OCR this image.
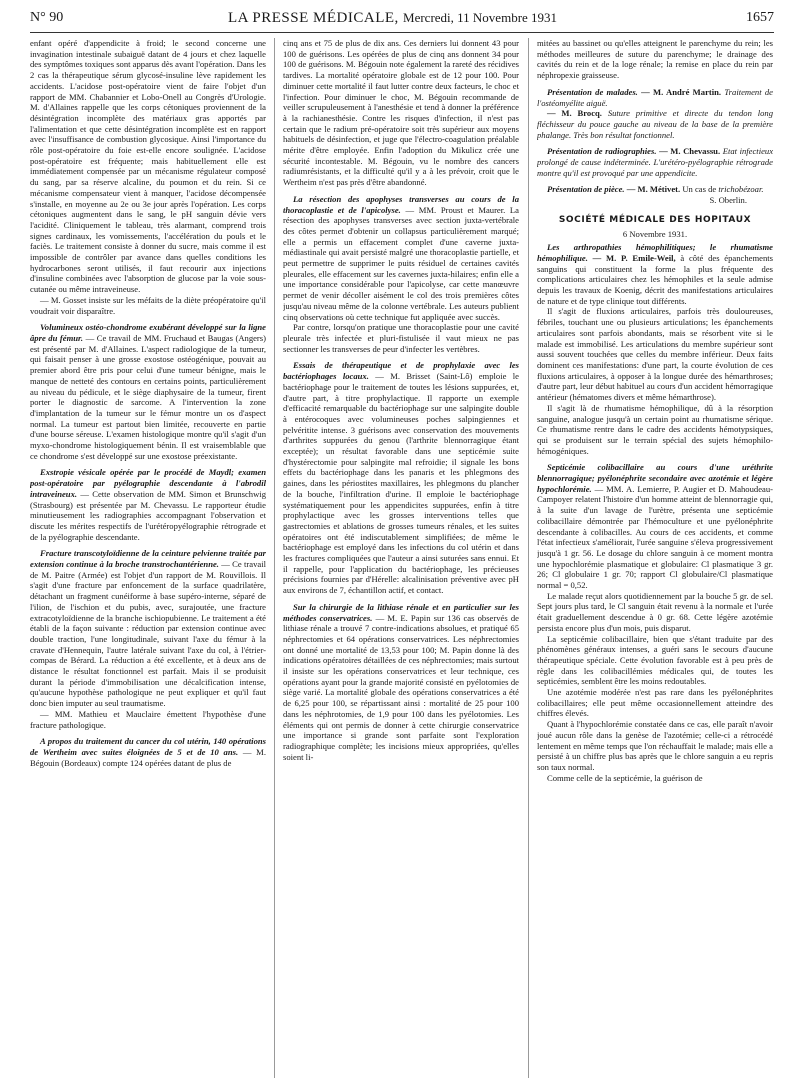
N° 90	LA PRESSE MÉDICALE, Mercredi, 11 Novembre 1931	1657

enfant opéré d'appendicite à froid; le second concerne une invagination intestinale subaiguë datant de 4 jours et chez laquelle des symptômes toxiques sont apparus dès avant l'opération. Dans les 2 cas la thérapeutique sérum glycosé-insuline lève rapidement les accidents. L'acidose post-opératoire vient de faire l'objet d'un rapport de MM. Chabannier et Lobo-Onell au Congrès d'Urologie. M. d'Allaines rappelle que les corps cétoniques proviennent de la désintégration incomplète des matériaux gras apportés par l'alimentation et que cette désintégration incomplète est en rapport avec l'insuffisance de combustion glycosique. Ainsi l'importance du rôle post-opératoire du foie est-elle encore soulignée. L'acidose post-opératoire est fréquente; mais habituellement elle est immédiatement compensée par un mécanisme régulateur composé du sang, par sa réserve alcaline, du poumon et du rein. Si ce mécanisme compensateur vient à manquer, l'acidose décompensée s'installe, en moyenne au 2e ou 3e jour après l'opération. Les corps cétoniques augmentent dans le sang, le pH sanguin dévie vers l'acidité. Cliniquement le tableau, très alarmant, comprend trois signes cardinaux, les vomissements, l'accélération du pouls et le faciès. Le traitement consiste à donner du sucre, mais comme il est impossible de contrôler par avance dans quelles conditions les hydrocarbones seront utilisés, il faut recourir aux injections d'insuline combinées avec l'absorption de glucose par la voie sous-cutanée ou même intraveineuse.

— M. Gosset insiste sur les méfaits de la diète préopératoire qu'il voudrait voir disparaître.

Volumineux ostéo-chondrome exubérant développé sur la ligne âpre du fémur. — Ce travail de MM. Fruchaud et Baugas (Angers) est présenté par M. d'Allaines. L'aspect radiologique de la tumeur, qui faisait penser à une grosse exostose ostéogénique, pouvait au premier abord être pris pour celui d'une tumeur bénigne, mais le manque de netteté des contours en certains points, particulièrement au niveau du pédicule, et le siège diaphysaire de la tumeur, firent porter le diagnostic de sarcome. A l'intervention la zone d'implantation de la tumeur sur le fémur montre un os d'aspect normal. La tumeur est partout bien limitée, recouverte en partie d'une bourse séreuse. L'examen histologique montre qu'il s'agit d'un myxo-chondrome histologiquement bénin. Il est vraisemblable que ce chondrome s'est développé sur une exostose préexistante.

Exstropie vésicale opérée par le procédé de Maydl; examen post-opératoire par pyélographie descendante à l'abrodil intraveineux. — Cette observation de MM. Simon et Brunschwig (Strasbourg) est présentée par M. Chevassu. Le rapporteur étudie minutieusement les radiographies accompagnant l'observation et discute les mérites respectifs de l'urétéropyélographie rétrograde et de la pyélographie descendante.

Fracture transcotyloïdienne de la ceinture pelvienne traitée par extension continue à la broche transtrochantérienne. — Ce travail de M. Paitre (Armée) est l'objet d'un rapport de M. Rouvillois. Il s'agit d'une fracture par enfoncement de la surface quadrilatère, détachant un fragment cunéiforme à base supéro-interne, séparé de l'ilion, de l'ischion et du pubis, avec, surajoutée, une fracture extracotyloïdienne de la branche ischiopubienne. Le traitement a été établi de la façon suivante : réduction par extension continue avec double traction, l'une longitudinale, suivant l'axe du fémur à la cravate d'Hennequin, l'autre latérale suivant l'axe du col, à l'étrier-compas de Bérard. La réduction a été excellente, et à deux ans de distance le résultat fonctionnel est parfait. Mais il se produisit durant la période d'immobilisation une décalcification intense, qu'aucune hypothèse pathologique ne peut expliquer et qu'il faut donc bien imputer au seul traumatisme.

— MM. Mathieu et Mauclaire émettent l'hypothèse d'une fracture pathologique.

A propos du traitement du cancer du col utérin, 140 opérations de Wertheim avec suites éloignées de 5 et de 10 ans. — M. Bégouin (Bordeaux) compte 124 opérées datant de plus de

cinq ans et 75 de plus de dix ans. Ces derniers lui donnent 43 pour 100 de guérisons. Les opérées de plus de cinq ans donnent 34 pour 100 de guérisons. M. Bégouin note également la rareté des récidives tardives. La mortalité opératoire globale est de 12 pour 100. Pour diminuer cette mortalité il faut lutter contre deux facteurs, le choc et l'infection. Pour diminuer le choc, M. Bégouin recommande de veiller scrupuleusement à l'anesthésie et tend à donner la préférence à la rachianesthésie. Contre les risques d'infection, il n'est pas certain que le radium pré-opératoire soit très supérieur aux moyens habituels de désinfection, et juge que l'électro-coagulation préalable mérite d'être employée. Enfin l'adoption du Mikulicz crée une sécurité incontestable. M. Bégouin, vu le nombre des cancers radiumrésistants, et la difficulté qu'il y a à les prévoir, croit que le Wertheim n'est pas près d'être abandonné.

La résection des apophyses transverses au cours de la thoracoplastie et de l'apicolyse. — MM. Proust et Maurer. La résection des apophyses transverses avec section juxta-vertébrale des côtes permet d'obtenir un collapsus particulièrement marqué; elle a permis un effacement complet d'une caverne juxta-médiastinale qui avait persisté malgré une thoracoplastie partielle, et peut permettre de supprimer le puits résiduel de certaines cavités pleurales, elle effacement sur les cavernes juxta-hilaires; enfin elle a une importance considérable pour l'apicolyse, car cette manœuvre permet de venir décoller aisément le col des trois premières côtes jusqu'au niveau même de la colonne vertébrale. Les auteurs publient cinq observations où cette technique fut appliquée avec succès.

Par contre, lorsqu'on pratique une thoracoplastie pour une cavité pleurale très infectée et pluri-fistulisée il vaut mieux ne pas sectionner les transverses de peur d'infecter les vertèbres.

Essais de thérapeutique et de prophylaxie avec les bactériophages locaux. — M. Brisset (Saint-Lô) emploie le bactériophage pour le traitement de toutes les lésions suppurées, et, d'autre part, à titre prophylactique. Il rapporte un exemple d'efficacité remarquable du bactériophage sur une salpingite double à entérocoques avec volumineuses poches salpingiennes et pelvéritite intense. 3 guérisons avec conservation des mouvements d'arthrites suppurées du genou (l'arthrite blennorragique étant exceptée); un résultat favorable dans une septicémie suite d'hystérectomie pour salpingite mal refroidie; il signale les bons effets du bactériophage dans les panaris et les phlegmons des gaines, dans les périostites maxillaires, les phlegmons du plancher de la bouche, l'infiltration d'urine. Il emploie le bactériophage systématiquement pour les appendicites suppurées, enfin à titre prophylactique avec les grosses interventions telles que gastrectomies et ablations de grosses tumeurs rénales, et les suites opératoires ont été indiscutablement simplifiées; de même le bactériophage est employé dans les infections du col utérin et dans les fractures compliquées que l'auteur a ainsi suturées sans ennui. Et il rappelle, pour l'application du bactériophage, les précieuses précisions fournies par d'Hérelle: alcalinisation préventive avec pH aux environs de 7, échantillon actif, et contact.

Sur la chirurgie de la lithiase rénale et en particulier sur les méthodes conservatrices. — M. E. Papin sur 136 cas observés de lithiase rénale a trouvé 7 contre-indications absolues, et pratiqué 65 néphrectomies et 64 opérations conservatrices. Les néphrectomies ont donné une mortalité de 13,53 pour 100; M. Papin donne là des indications opératoires détaillées de ces néphrectomies; mais surtout il insiste sur les opérations conservatrices et leur technique, ces opérations ayant pour la grande majorité consisté en pyélotomies de siège varié. La mortalité globale des opérations conservatrices a été de 6,25 pour 100, se répartissant ainsi : mortalité de 25 pour 100 dans les néphrotomies, de 1,9 pour 100 dans les pyélotomies. Les éléments qui ont permis de donner à cette chirurgie conservatrice une importance si grande sont parfaite sont l'exploration radiographique complète; les incisions mieux appropriées, qu'elles soient li-

mitées au bassinet ou qu'elles atteignent le parenchyme du rein; les méthodes meilleures de suture du parenchyme; le drainage des cavités du rein et de la loge rénale; la remise en place du rein par néphropexie graisseuse.

Présentation de malades. — M. André Martin. Traitement de l'ostéomyélite aiguë.

— M. Brocq. Suture primitive et directe du tendon long fléchisseur du pouce gauche au niveau de la base de la première phalange. Très bon résultat fonctionnel.

Présentation de radiographies. — M. Chevassu. Etat infectieux prolongé de cause indéterminée. L'urétéro-pyélographie rétrograde montre qu'il est provoqué par une appendicite.

Présentation de pièce. — M. Métivet. Un cas de trichobézoar.

S. Oberlin.

SOCIÉTÉ MÉDICALE DES HOPITAUX
6 Novembre 1931.

Les arthropathies hémophilitiques; le rhumatisme hémophilique. — M. P. Emile-Weil, à côté des épanchements sanguins qui constituent la forme la plus fréquente des complications articulaires chez les hémophiles et la seule admise depuis les travaux de Koenig, décrit des manifestations articulaires de nature et de type clinique tout différents.

Il s'agit de fluxions articulaires, parfois très douloureuses, fébriles, touchant une ou plusieurs articulations; les épanchements articulaires sont parfois abondants, mais se résorbent vite si le malade est immobilisé. Les articulations du membre supérieur sont aussi souvent touchées que celles du membre inférieur. Deux faits dominent ces manifestations: d'une part, la courte évolution de ces fluxions articulaires, à opposer à la longue durée des hémarthroses; d'autre part, leur début habituel au cours d'un accident hémorragique antérieur (hématomes divers et même hémarthrose).

Il s'agit là de rhumatisme hémophilique, dû à la résorption sanguine, analogue jusqu'à un certain point au rhumatisme sérique. Ce rhumatisme rentre dans le cadre des accidents hémotypsiques, qui se produisent sur le terrain spécial des sujets hémophilo-hémogéniques.

Septicémie colibacillaire au cours d'une uréthrite blennorragique; pyélonéphrite secondaire avec azotémie et légère hypochlorémie. — MM. A. Lemierre, P. Augier et D. Mahoudeau-Campoyer relatent l'histoire d'un homme atteint de blennorragie qui, à la suite d'un lavage de l'urètre, présenta une septicémie colibacillaire démontrée par l'hémoculture et une pyélonéphrite descendante à colibacilles. Au cours de ces accidents, et comme l'état infectieux s'améliorait, l'urée sanguine s'éleva progressivement jusqu'à 1 gr. 56. Le dosage du chlore sanguin à ce moment montra une hypochlorémie plasmatique et globulaire: Cl plasmatique 3 gr. 26; Cl globulaire 1 gr. 70; rapport Cl globulaire/Cl plasmatique normal = 0,52.

Le malade reçut alors quotidiennement par la bouche 5 gr. de sel. Sept jours plus tard, le Cl sanguin était revenu à la normale et l'urée était graduellement descendue à 0 gr. 68. Cette légère azotémie persista encore plus d'un mois, puis disparut.

La septicémie colibacillaire, bien que s'étant traduite par des phénomènes généraux intenses, a guéri sans le secours d'aucune thérapeutique spéciale. Cette évolution favorable est à peu près de règle dans les colibacillémies médicales qui, de toutes les septicémies, semblent être les moins redoutables.

Une azotémie modérée n'est pas rare dans les pyélonéphrites colibacillaires; elle peut même occasionnellement atteindre des chiffres élevés.

Quant à l'hypochlorémie constatée dans ce cas, elle paraît n'avoir joué aucun rôle dans la genèse de l'azotémie; celle-ci a rétrocédé lentement en même temps que l'on réchauffait le malade; mais elle a persisté à un chiffre plus bas après que le chlore sanguin a eu repris son taux normal.

Comme celle de la septicémie, la guérison de
